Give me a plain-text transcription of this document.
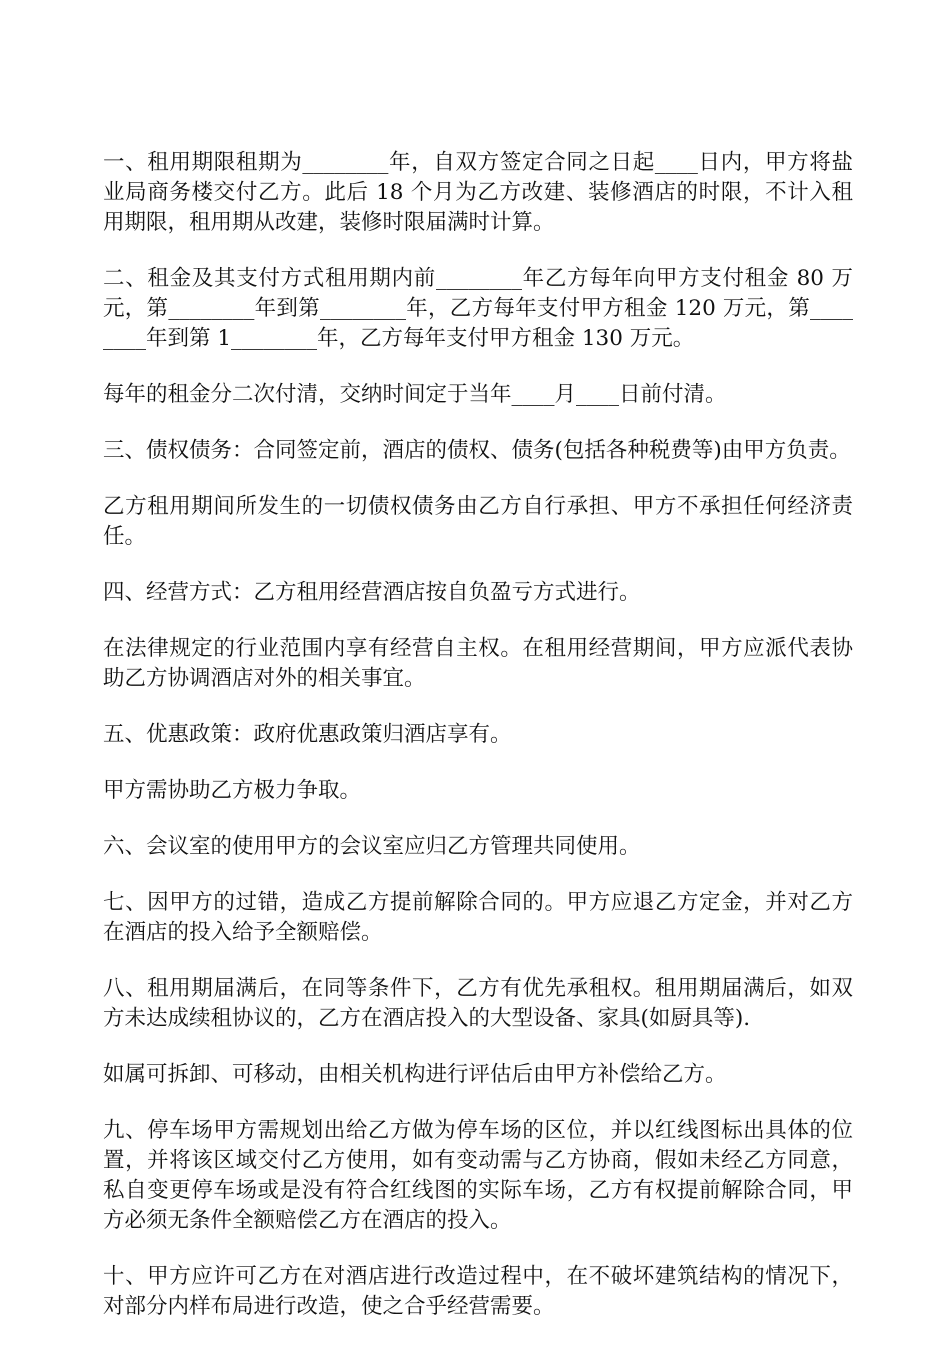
一、租用期限租期为________年，自双方签定合同之日起____日内，甲方将盐业局商务楼交付乙方。此后 18 个月为乙方改建、装修酒店的时限，不计入租用期限，租用期从改建，装修时限届满时计算。

二、租金及其支付方式租用期内前________年乙方每年向甲方支付租金 80 万元，第________年到第________年，乙方每年支付甲方租金 120 万元，第________年到第 1________年，乙方每年支付甲方租金 130 万元。

每年的租金分二次付清，交纳时间定于当年____月____日前付清。

三、债权债务：合同签定前，酒店的债权、债务(包括各种税费等)由甲方负责。

乙方租用期间所发生的一切债权债务由乙方自行承担、甲方不承担任何经济责任。

四、经营方式：乙方租用经营酒店按自负盈亏方式进行。

在法律规定的行业范围内享有经营自主权。在租用经营期间，甲方应派代表协助乙方协调酒店对外的相关事宜。

五、优惠政策：政府优惠政策归酒店享有。

甲方需协助乙方极力争取。

六、会议室的使用甲方的会议室应归乙方管理共同使用。

七、因甲方的过错，造成乙方提前解除合同的。甲方应退乙方定金，并对乙方在酒店的投入给予全额赔偿。

八、租用期届满后，在同等条件下，乙方有优先承租权。租用期届满后，如双方未达成续租协议的，乙方在酒店投入的大型设备、家具(如厨具等).

如属可拆卸、可移动，由相关机构进行评估后由甲方补偿给乙方。

九、停车场甲方需规划出给乙方做为停车场的区位，并以红线图标出具体的位置，并将该区域交付乙方使用，如有变动需与乙方协商，假如未经乙方同意，私自变更停车场或是没有符合红线图的实际车场，乙方有权提前解除合同，甲方必须无条件全额赔偿乙方在酒店的投入。

十、甲方应许可乙方在对酒店进行改造过程中，在不破坏建筑结构的情况下，对部分内样布局进行改造，使之合乎经营需要。
